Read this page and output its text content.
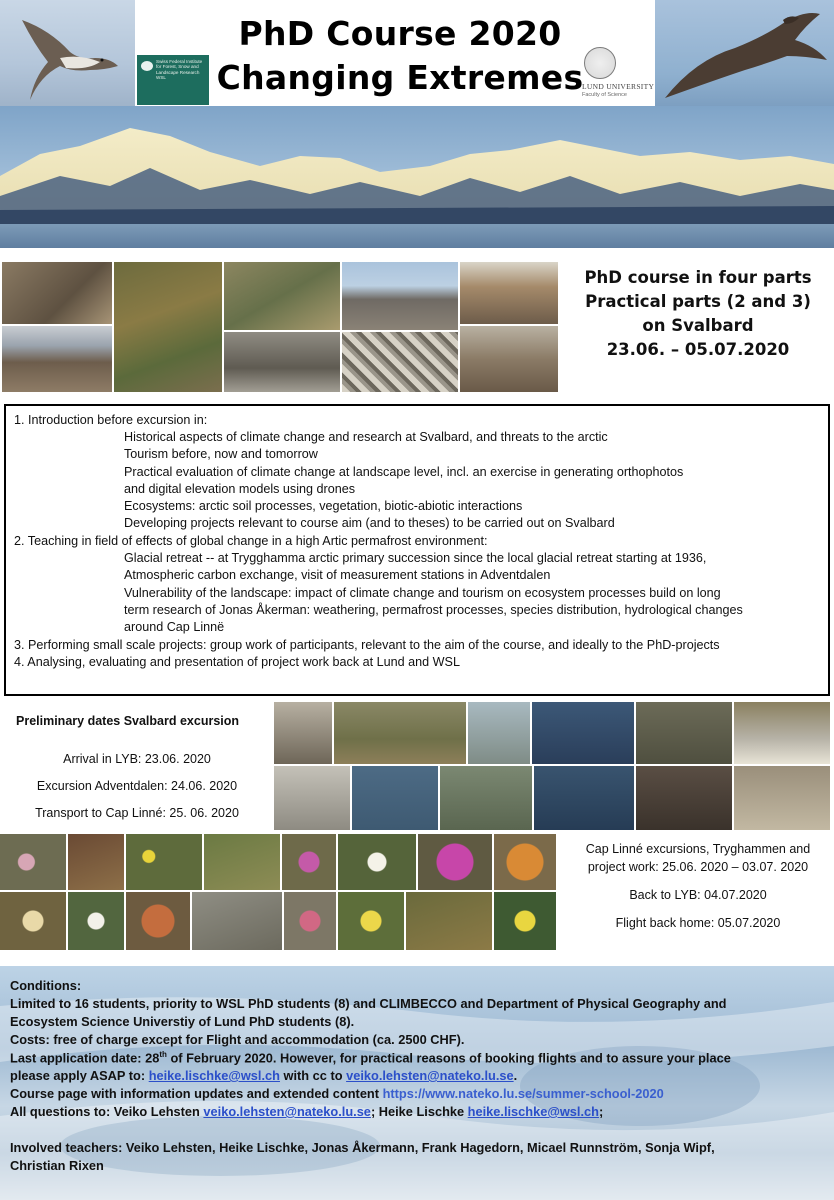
Swiss Federal Institute for Forest, Snow and Landscape Research WSL
PhD Course 2020
Changing Extremes
LUND UNIVERSITY
Faculty of Science
PhD course in four parts
Practical parts (2 and 3)
on Svalbard
23.06. – 05.07.2020
1. Introduction before excursion in:
Historical aspects of climate change and research at Svalbard, and threats to the arctic
Tourism before, now and tomorrow
Practical evaluation of climate change at landscape level, incl. an exercise in generating orthophotos
and digital elevation models using drones
Ecosystems: arctic soil processes, vegetation, biotic-abiotic interactions
Developing projects relevant to course aim (and to theses) to be carried out on Svalbard
2. Teaching in field of effects of global change in a high Artic permafrost environment:
Glacial retreat -- at Trygghamma arctic primary succession since the local glacial retreat starting at 1936,
Atmospheric carbon exchange, visit of measurement stations in Adventdalen
Vulnerability of the landscape: impact of climate change and tourism on ecosystem processes build on long
term research of Jonas Åkerman: weathering, permafrost processes, species distribution, hydrological changes
around Cap Linnë
3. Performing small scale projects: group work of participants, relevant to the aim of the course, and ideally to the PhD-projects
4. Analysing, evaluating and presentation of project work back at Lund and WSL
Preliminary dates Svalbard excursion
Arrival in LYB: 23.06. 2020
Excursion Adventdalen: 24.06. 2020
Transport to Cap Linné: 25. 06. 2020
Cap Linné excursions, Tryghammen and
project work: 25.06. 2020 – 03.07. 2020
Back to LYB: 04.07.2020
Flight back home: 05.07.2020
Conditions:
Limited to 16 students, priority to WSL PhD students (8) and CLIMBECCO and Department of Physical Geography and
Ecosystem Science Universtiy of Lund PhD students (8).
Costs: free of charge except for Flight and accommodation (ca. 2500 CHF).
Last application date: 28th of February 2020. However, for practical reasons of booking flights and to assure your place
please apply ASAP to: heike.lischke@wsl.ch with cc to veiko.lehsten@nateko.lu.se.
Course page with information updates and extended content https://www.nateko.lu.se/summer-school-2020
All questions to: Veiko Lehsten veiko.lehsten@nateko.lu.se; Heike Lischke heike.lischke@wsl.ch;
Involved teachers: Veiko Lehsten, Heike Lischke, Jonas Åkermann, Frank Hagedorn, Micael Runnström, Sonja Wipf,
Christian Rixen
